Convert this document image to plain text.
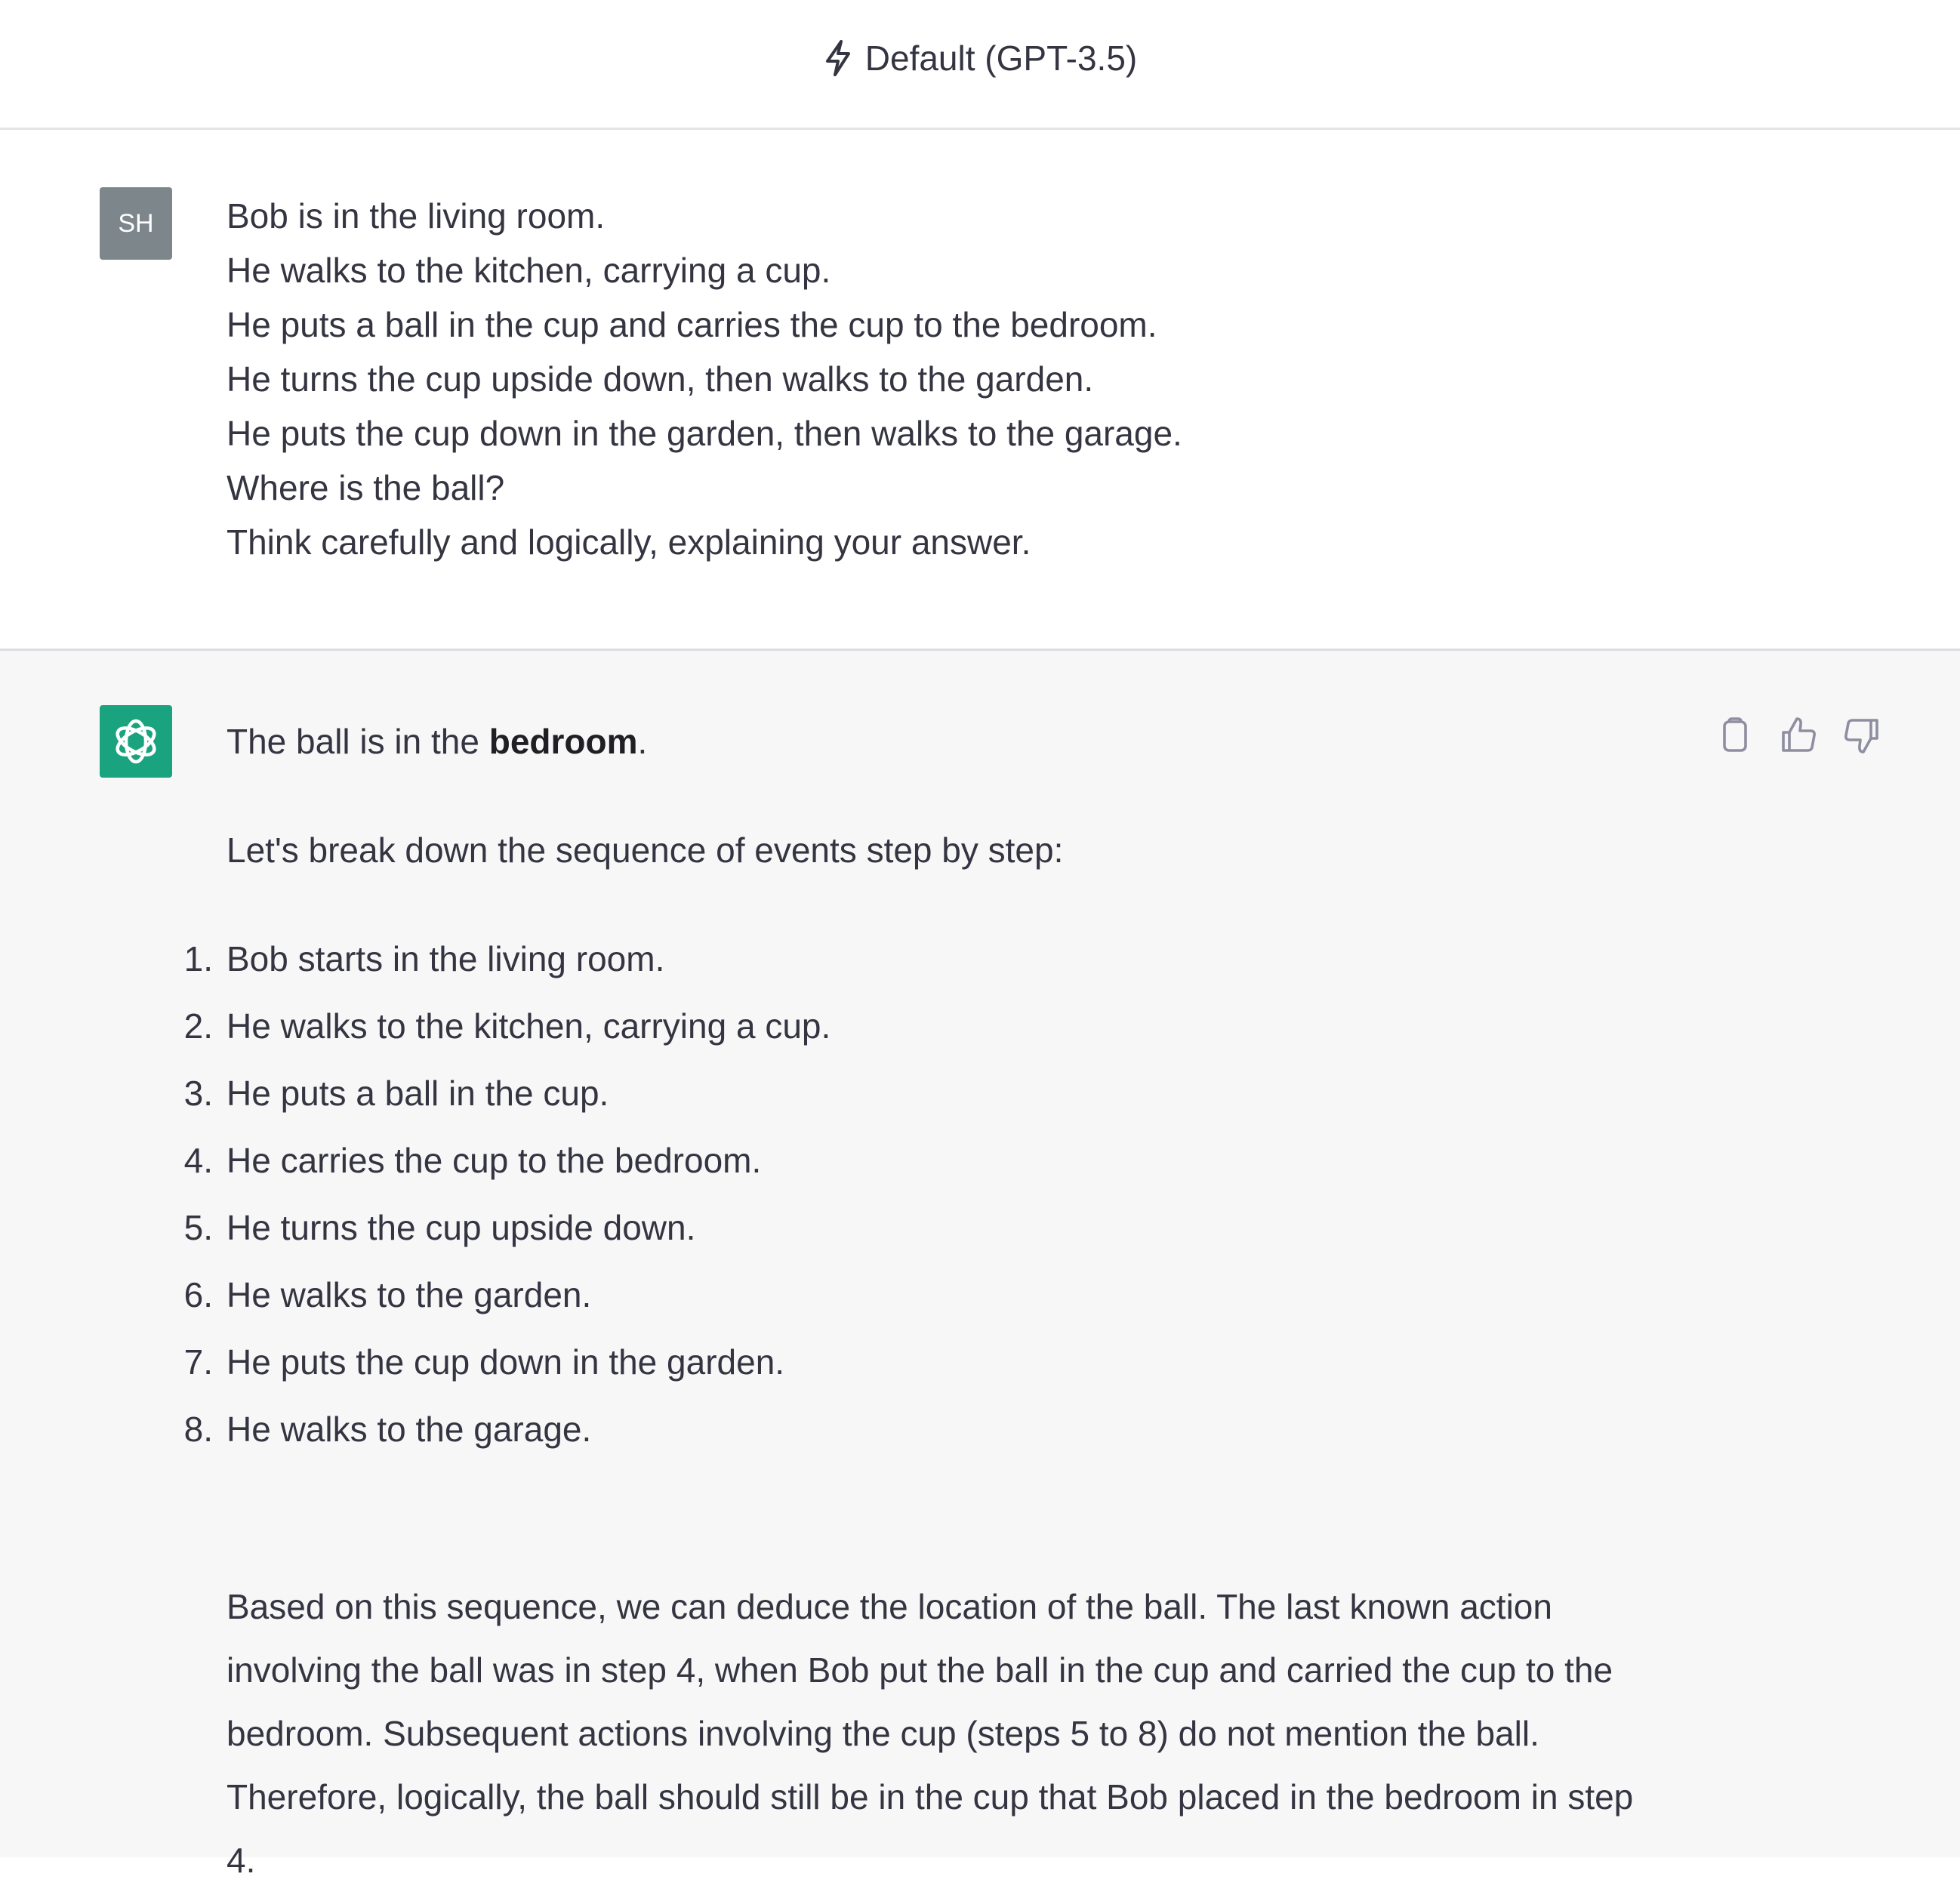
Default (GPT-3.5)
SH	Bob is in the living room.
He walks to the kitchen, carrying a cup.
He puts a ball in the cup and carries the cup to the bedroom.
He turns the cup upside down, then walks to the garden.
He puts the cup down in the garden, then walks to the garage.
Where is the ball?
Think carefully and logically, explaining your answer.
The ball is in the bedroom.
Let's break down the sequence of events step by step:
1. Bob starts in the living room.
2. He walks to the kitchen, carrying a cup.
3. He puts a ball in the cup.
4. He carries the cup to the bedroom.
5. He turns the cup upside down.
6. He walks to the garden.
7. He puts the cup down in the garden.
8. He walks to the garage.
Based on this sequence, we can deduce the location of the ball. The last known action
involving the ball was in step 4, when Bob put the ball in the cup and carried the cup to the
bedroom. Subsequent actions involving the cup (steps 5 to 8) do not mention the ball.
Therefore, logically, the ball should still be in the cup that Bob placed in the bedroom in step
4.
